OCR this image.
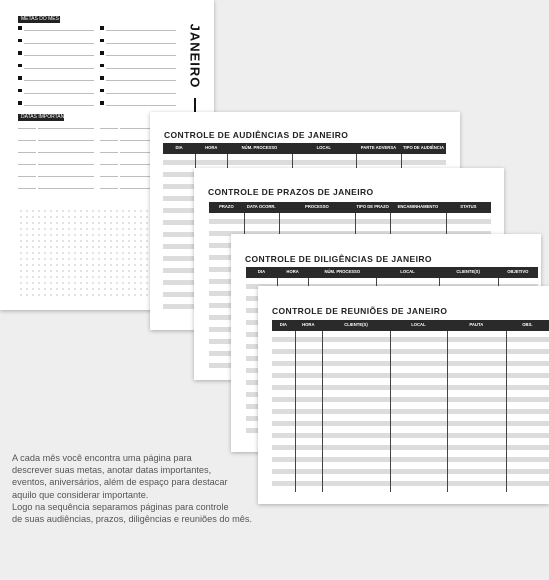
JANEIRO
METAS DO MÊS
DATAS IMPORTANTES
CONTROLE DE AUDIÊNCIAS DE JANEIRO
DIA	HORA	NÚM. PROCESSO	LOCAL	PARTE ADVERSA	TIPO DE AUDIÊNCIA
CONTROLE DE PRAZOS DE JANEIRO
PRAZO	DATA OCORR.	PROCESSO	TIPO DE PRAZO	ENCAMINHAMENTO	STATUS
CONTROLE DE DILIGÊNCIAS DE JANEIRO
DIA	HORA	NÚM. PROCESSO	LOCAL	CLIENTE(S)	OBJETIVO
CONTROLE DE REUNIÕES DE JANEIRO
DIA	HORA	CLIENTE(S)	LOCAL	PAUTA	OBS.

A cada mês você encontra uma página para

descrever suas metas, anotar datas importantes,

eventos, aniversários, além de espaço para destacar

aquilo que considerar importante.

Logo na sequência separamos páginas para controle

de suas audiências, prazos, diligências e reuniões do mês.
